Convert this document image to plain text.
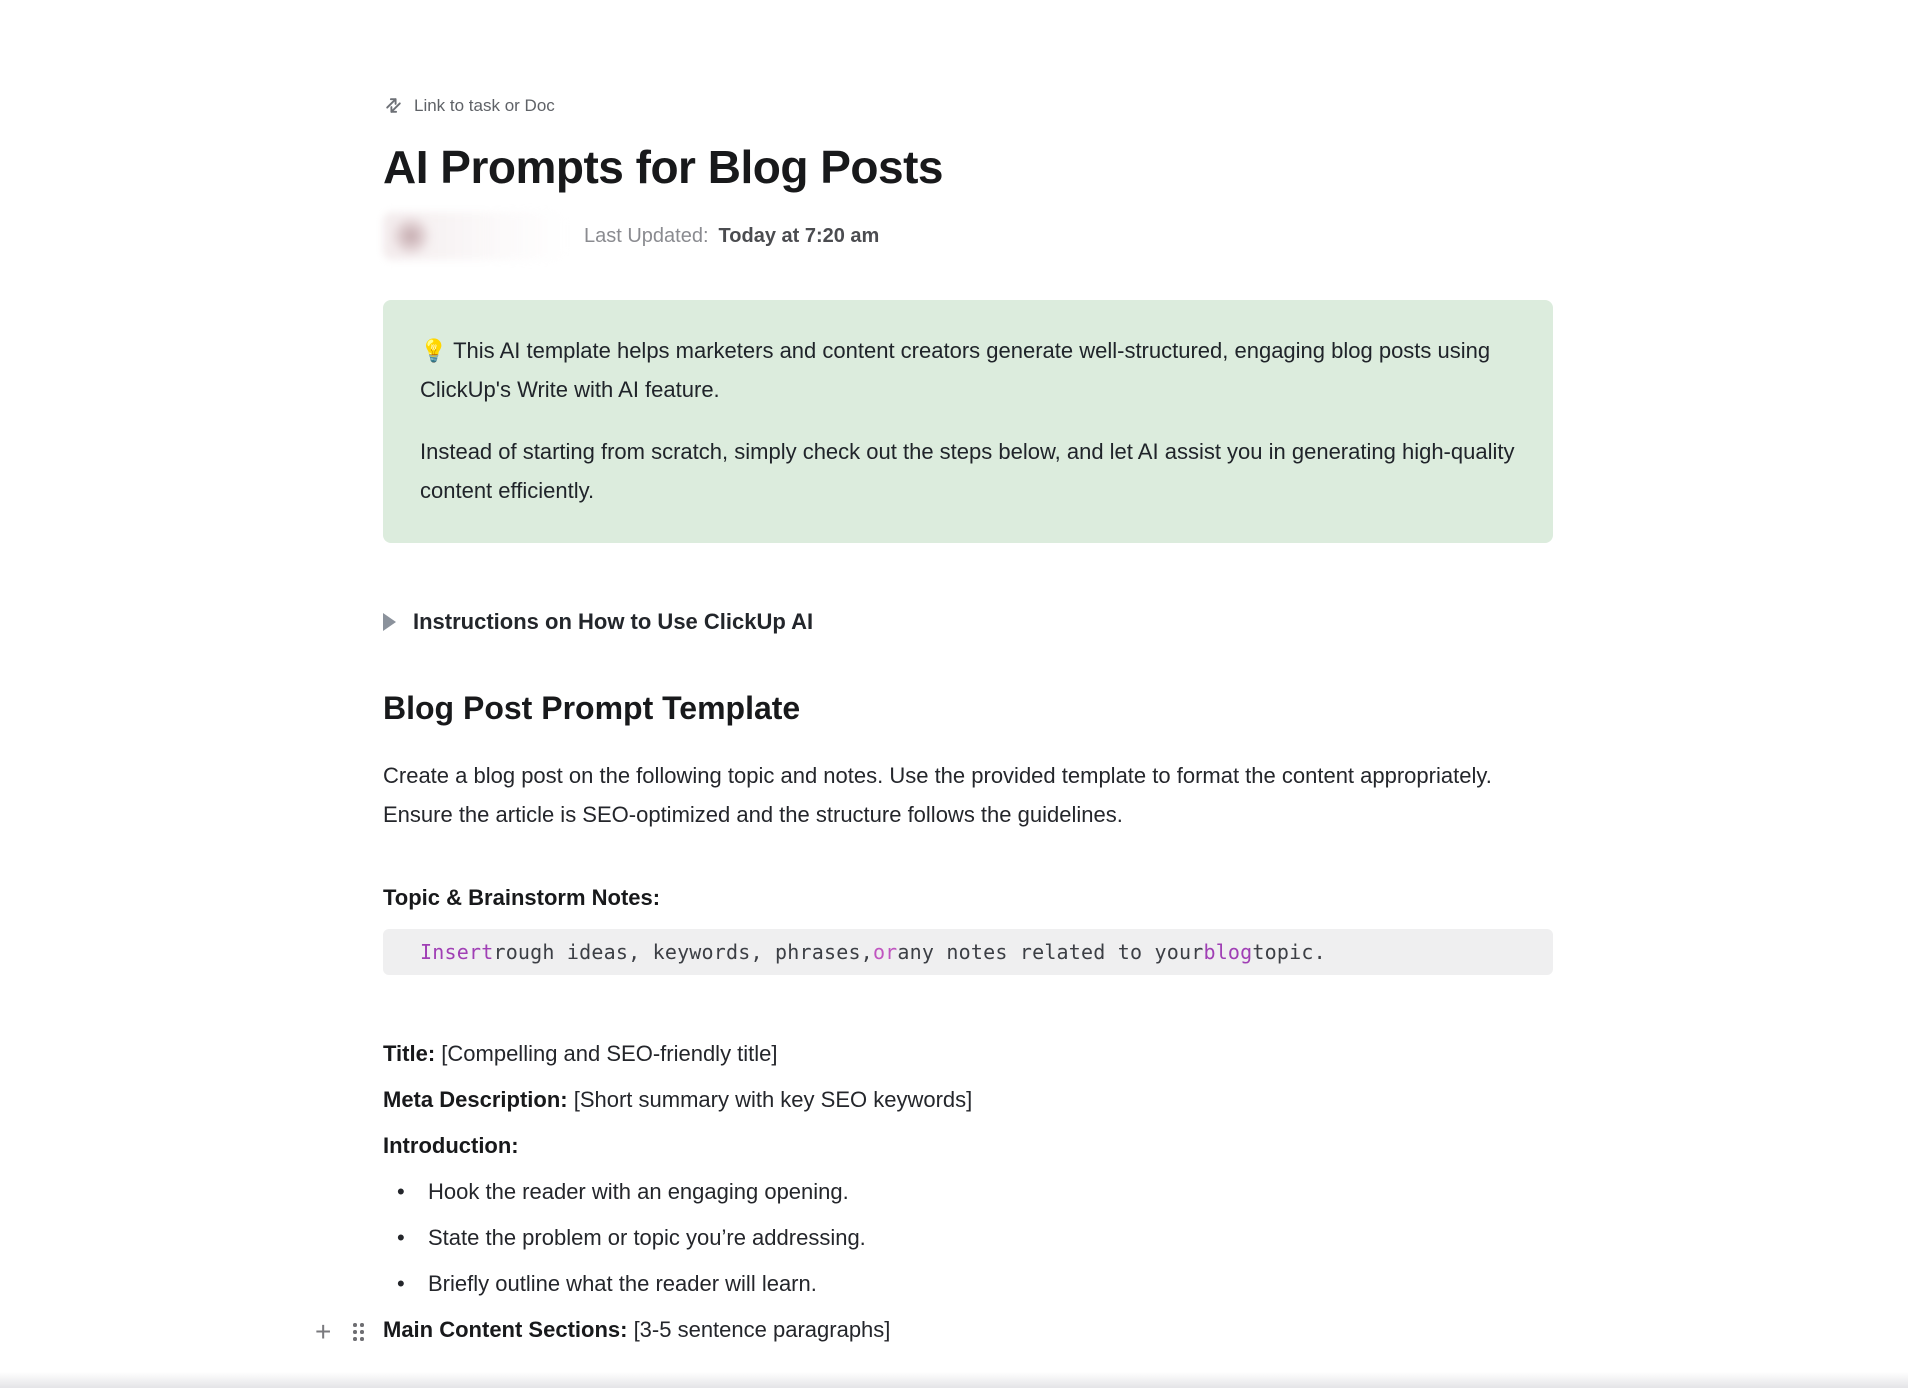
Link to task or Doc
AI Prompts for Blog Posts
Last Updated: Today at 7:20 am

💡 This AI template helps marketers and content creators generate well-structured, engaging blog posts using ClickUp's Write with AI feature.

Instead of starting from scratch, simply check out the steps below, and let AI assist you in generating high-quality content efficiently.

Instructions on How to Use ClickUp AI
Blog Post Prompt Template

Create a blog post on the following topic and notes. Use the provided template to format the content appropriately. Ensure the article is SEO-optimized and the structure follows the guidelines.

Topic & Brainstorm Notes:
Insert rough ideas, keywords, phrases, or any notes related to your blog topic.
Title: [Compelling and SEO-friendly title]
Meta Description: [Short summary with key SEO keywords]
Introduction:
•	Hook the reader with an engaging opening.
•	State the problem or topic you’re addressing.
•	Briefly outline what the reader will learn.
Main Content Sections: [3-5 sentence paragraphs]
+
